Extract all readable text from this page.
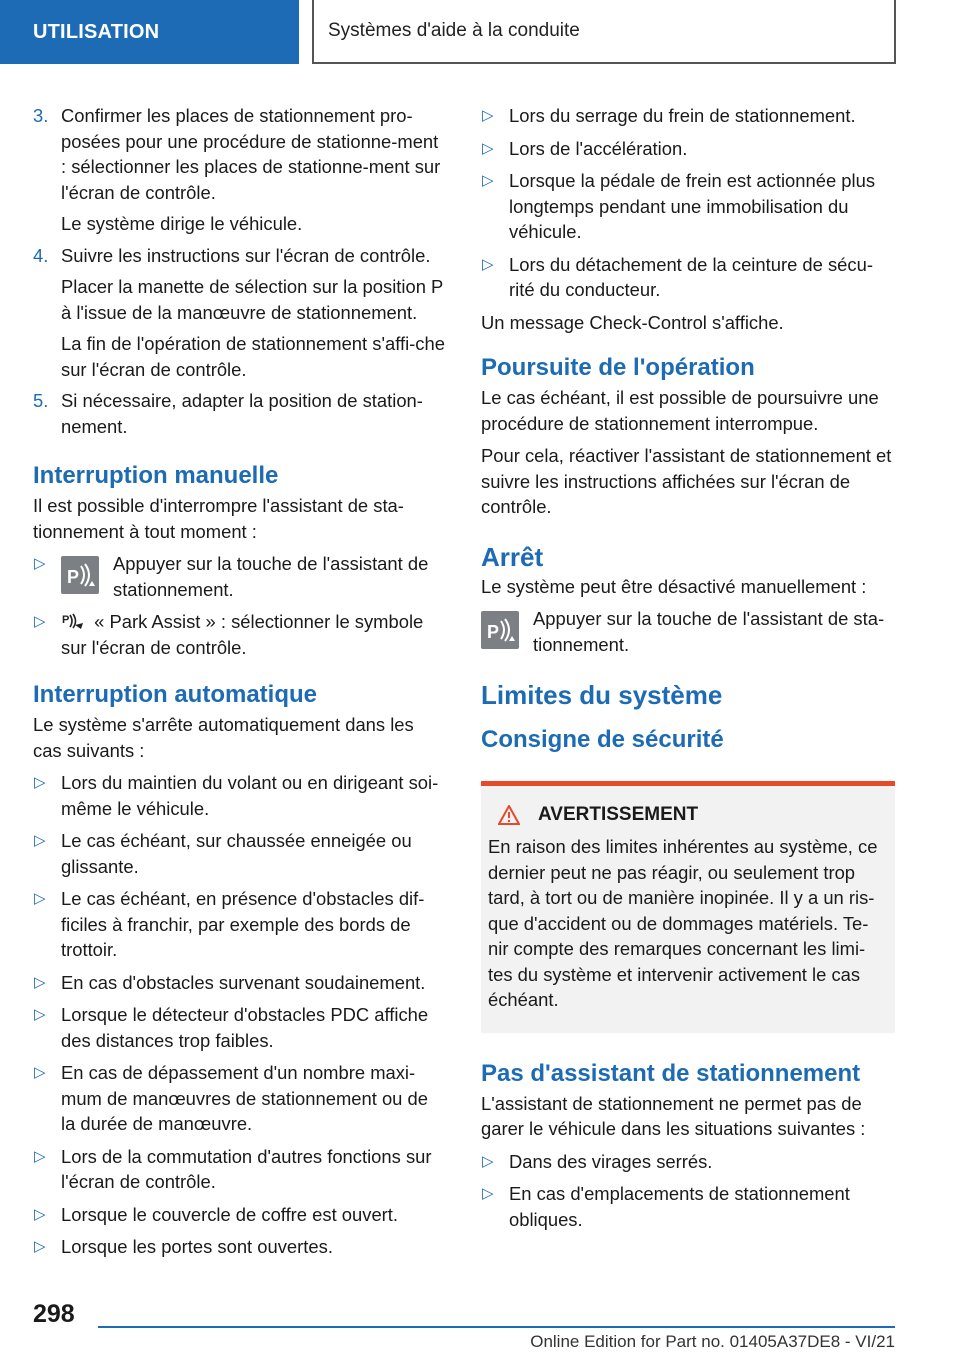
UTILISATION	Systèmes d'aide à la conduite
3. Confirmer les places de stationnement pro‐posées pour une procédure de stationne‐ment : sélectionner les places de stationne‐ment sur l'écran de contrôle.
Le système dirige le véhicule.
4. Suivre les instructions sur l'écran de contrôle.
Placer la manette de sélection sur la position P à l'issue de la manœuvre de stationnement.
La fin de l'opération de stationnement s'affi‐che sur l'écran de contrôle.
5. Si nécessaire, adapter la position de station‐nement.
Interruption manuelle

Il est possible d'interrompre l'assistant de sta‐tionnement à tout moment :

▷
P
Appuyer sur la touche de l'assistant de stationnement.
▷ P « Park Assist » : sélectionner le symbole sur l'écran de contrôle.
Interruption automatique

Le système s'arrête automatiquement dans les cas suivants :

▷ Lors du maintien du volant ou en dirigeant soi-même le véhicule.
▷ Le cas échéant, sur chaussée enneigée ou glissante.
▷ Le cas échéant, en présence d'obstacles dif‐ficiles à franchir, par exemple des bords de trottoir.
▷ En cas d'obstacles survenant soudainement.
▷ Lorsque le détecteur d'obstacles PDC affiche des distances trop faibles.
▷ En cas de dépassement d'un nombre maxi‐mum de manœuvres de stationnement ou de la durée de manœuvre.
▷ Lors de la commutation d'autres fonctions sur l'écran de contrôle.
▷ Lorsque le couvercle de coffre est ouvert.
▷ Lorsque les portes sont ouvertes.
▷ Lors du serrage du frein de stationnement.
▷ Lors de l'accélération.
▷ Lorsque la pédale de frein est actionnée plus longtemps pendant une immobilisation du véhicule.
▷ Lors du détachement de la ceinture de sécu‐rité du conducteur.

Un message Check-Control s'affiche.

Poursuite de l'opération

Le cas échéant, il est possible de poursuivre une procédure de stationnement interrompue.

Pour cela, réactiver l'assistant de stationnement et suivre les instructions affichées sur l'écran de contrôle.

Arrêt

Le système peut être désactivé manuellement :

P
Appuyer sur la touche de l'assistant de sta‐tionnement.
Limites du système
Consigne de sécurité
AVERTISSEMENT

En raison des limites inhérentes au système, ce dernier peut ne pas réagir, ou seulement trop tard, à tort ou de manière inopinée. Il y a un ris‐que d'accident ou de dommages matériels. Te‐nir compte des remarques concernant les limi‐tes du système et intervenir activement le cas échéant.

Pas d'assistant de stationnement

L'assistant de stationnement ne permet pas de garer le véhicule dans les situations suivantes :

▷ Dans des virages serrés.
▷ En cas d'emplacements de stationnement obliques.
298
Online Edition for Part no. 01405A37DE8 - VI/21
